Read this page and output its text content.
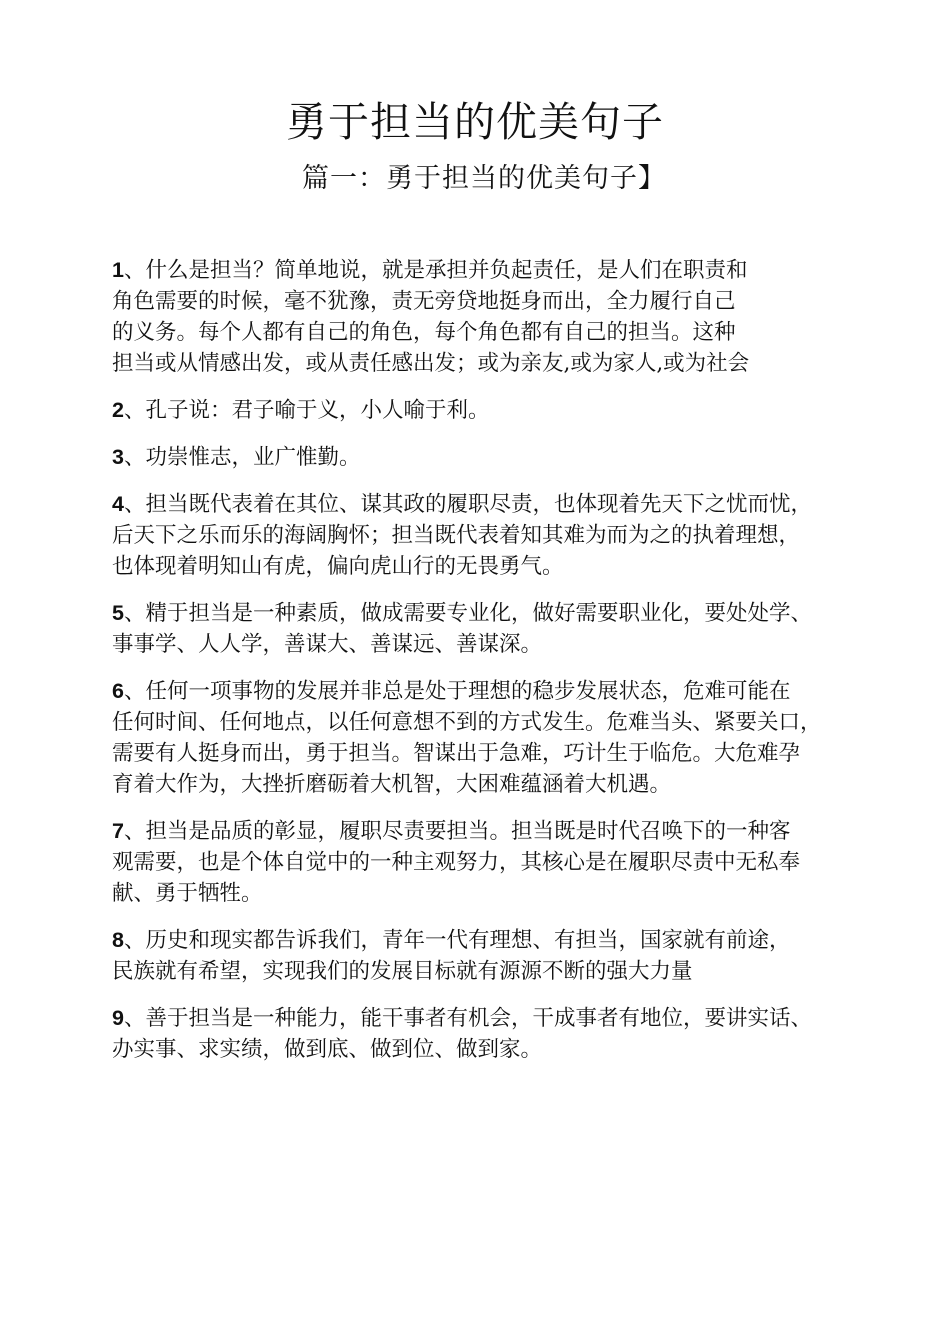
勇于担当的优美句子
篇一：勇于担当的优美句子】
1、什么是担当？简单地说，就是承担并负起责任，是人们在职责和
角色需要的时候，毫不犹豫，责无旁贷地挺身而出，全力履行自己
的义务。每个人都有自己的角色，每个角色都有自己的担当。这种
担当或从情感出发，或从责任感出发；或为亲友,或为家人,或为社会
2、孔子说：君子喻于义，小人喻于利。
3、功崇惟志，业广惟勤。
4、担当既代表着在其位、谋其政的履职尽责，也体现着先天下之忧而忧，
后天下之乐而乐的海阔胸怀；担当既代表着知其难为而为之的执着理想，
也体现着明知山有虎，偏向虎山行的无畏勇气。
5、精于担当是一种素质，做成需要专业化，做好需要职业化，要处处学、
事事学、人人学，善谋大、善谋远、善谋深。
6、任何一项事物的发展并非总是处于理想的稳步发展状态，危难可能在
任何时间、任何地点，以任何意想不到的方式发生。危难当头、紧要关口，
需要有人挺身而出，勇于担当。智谋出于急难，巧计生于临危。大危难孕
育着大作为，大挫折磨砺着大机智，大困难蕴涵着大机遇。
7、担当是品质的彰显，履职尽责要担当。担当既是时代召唤下的一种客
观需要，也是个体自觉中的一种主观努力，其核心是在履职尽责中无私奉
献、勇于牺牲。
8、历史和现实都告诉我们，青年一代有理想、有担当，国家就有前途，
民族就有希望，实现我们的发展目标就有源源不断的强大力量
9、善于担当是一种能力，能干事者有机会，干成事者有地位，要讲实话、
办实事、求实绩，做到底、做到位、做到家。
